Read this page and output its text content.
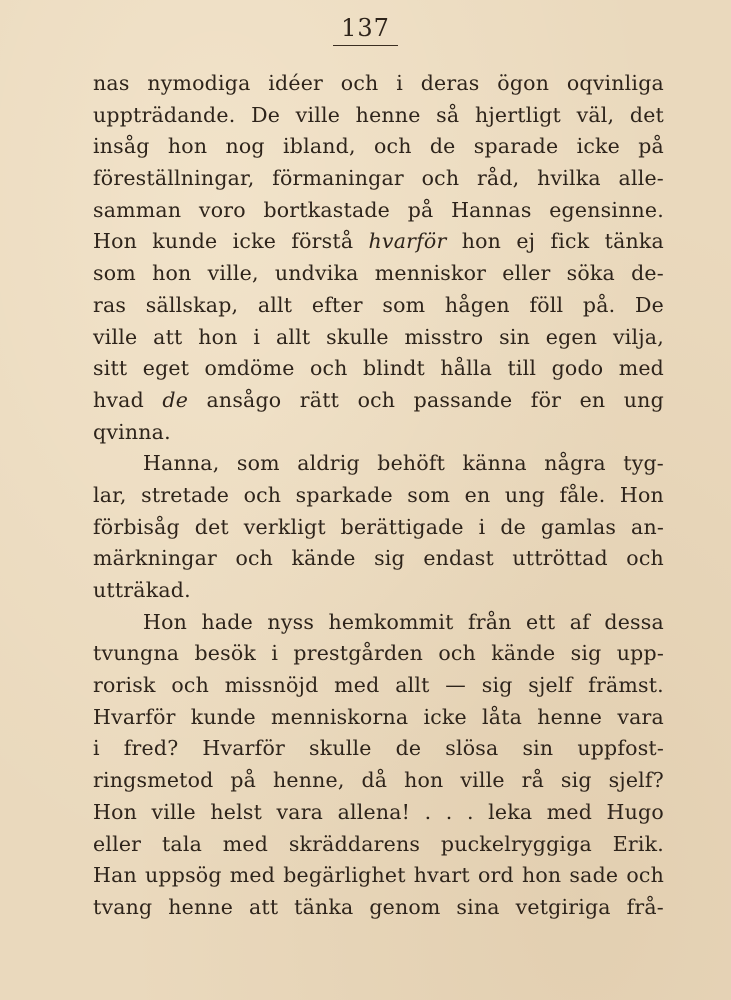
137
nas nymodiga idéer och i deras ögon oqvinliga
uppträdande. De ville henne så hjertligt väl, det
insåg hon nog ibland, och de sparade icke på
föreställningar, förmaningar och råd, hvilka alle-
samman voro bortkastade på Hannas egensinne.
Hon kunde icke förstå hvarför hon ej fick tänka
som hon ville, undvika menniskor eller söka de-
ras sällskap, allt efter som hågen föll på. De
ville att hon i allt skulle misstro sin egen vilja,
sitt eget omdöme och blindt hålla till godo med
hvad de ansågo rätt och passande för en ung
qvinna.
Hanna, som aldrig behöft känna några tyg-
lar, stretade och sparkade som en ung fåle. Hon
förbisåg det verkligt berättigade i de gamlas an-
märkningar och kände sig endast uttröttad och
utträkad.
Hon hade nyss hemkommit från ett af dessa
tvungna besök i prestgården och kände sig upp-
rorisk och missnöjd med allt — sig sjelf främst.
Hvarför kunde menniskorna icke låta henne vara
i fred? Hvarför skulle de slösa sin uppfost-
ringsmetod på henne, då hon ville rå sig sjelf?
Hon ville helst vara allena! . . . leka med Hugo
eller tala med skräddarens puckelryggiga Erik.
Han uppsög med begärlighet hvart ord hon sade och
tvang henne att tänka genom sina vetgiriga frå-
